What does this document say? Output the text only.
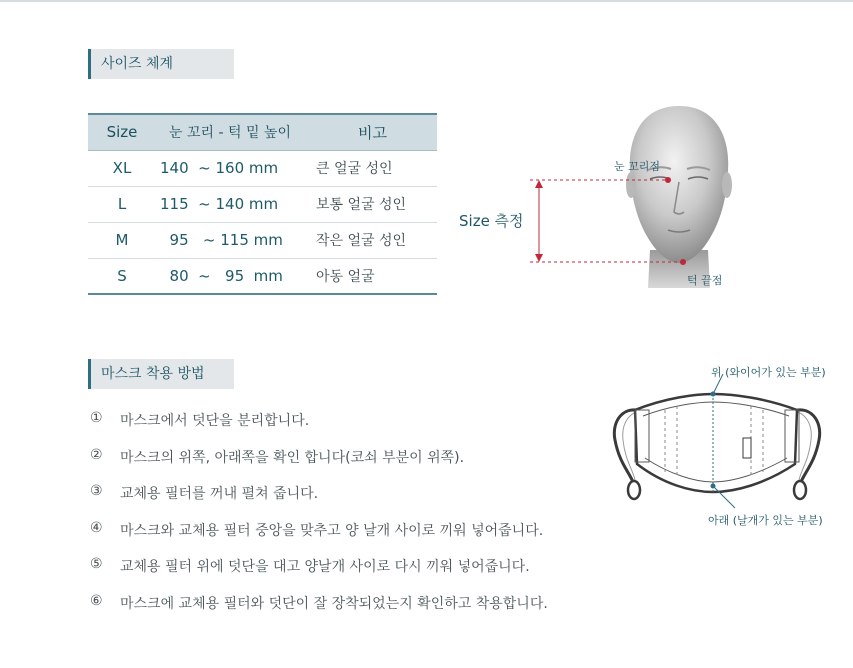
사이즈 체계
Size	눈 꼬리 - 턱 밑 높이	비고
XL	140  ~ 160 mm	큰 얼굴 성인
L	115  ~ 140 mm	보통 얼굴 성인
M	95   ~ 115 mm	작은 얼굴 성인
S	80  ~   95  mm	아동 얼굴
눈 꼬리점
턱 끝점
Size 측정
마스크 착용 방법
①	마스크에서 덧단을 분리합니다.
②	마스크의 위쪽, 아래쪽을 확인 합니다(코쇠 부분이 위쪽).
③	교체용 필터를 꺼내 펼쳐 줍니다.
④	마스크와 교체용 필터 중앙을 맞추고 양 날개 사이로 끼워 넣어줍니다.
⑤	교체용 필터 위에 덧단을 대고 양날개 사이로 다시 끼워 넣어줍니다.
⑥	마스크에 교체용 필터와 덧단이 잘 장착되었는지 확인하고 착용합니다.
위 (와이어가 있는 부분)
아래 (날개가 있는 부분)
